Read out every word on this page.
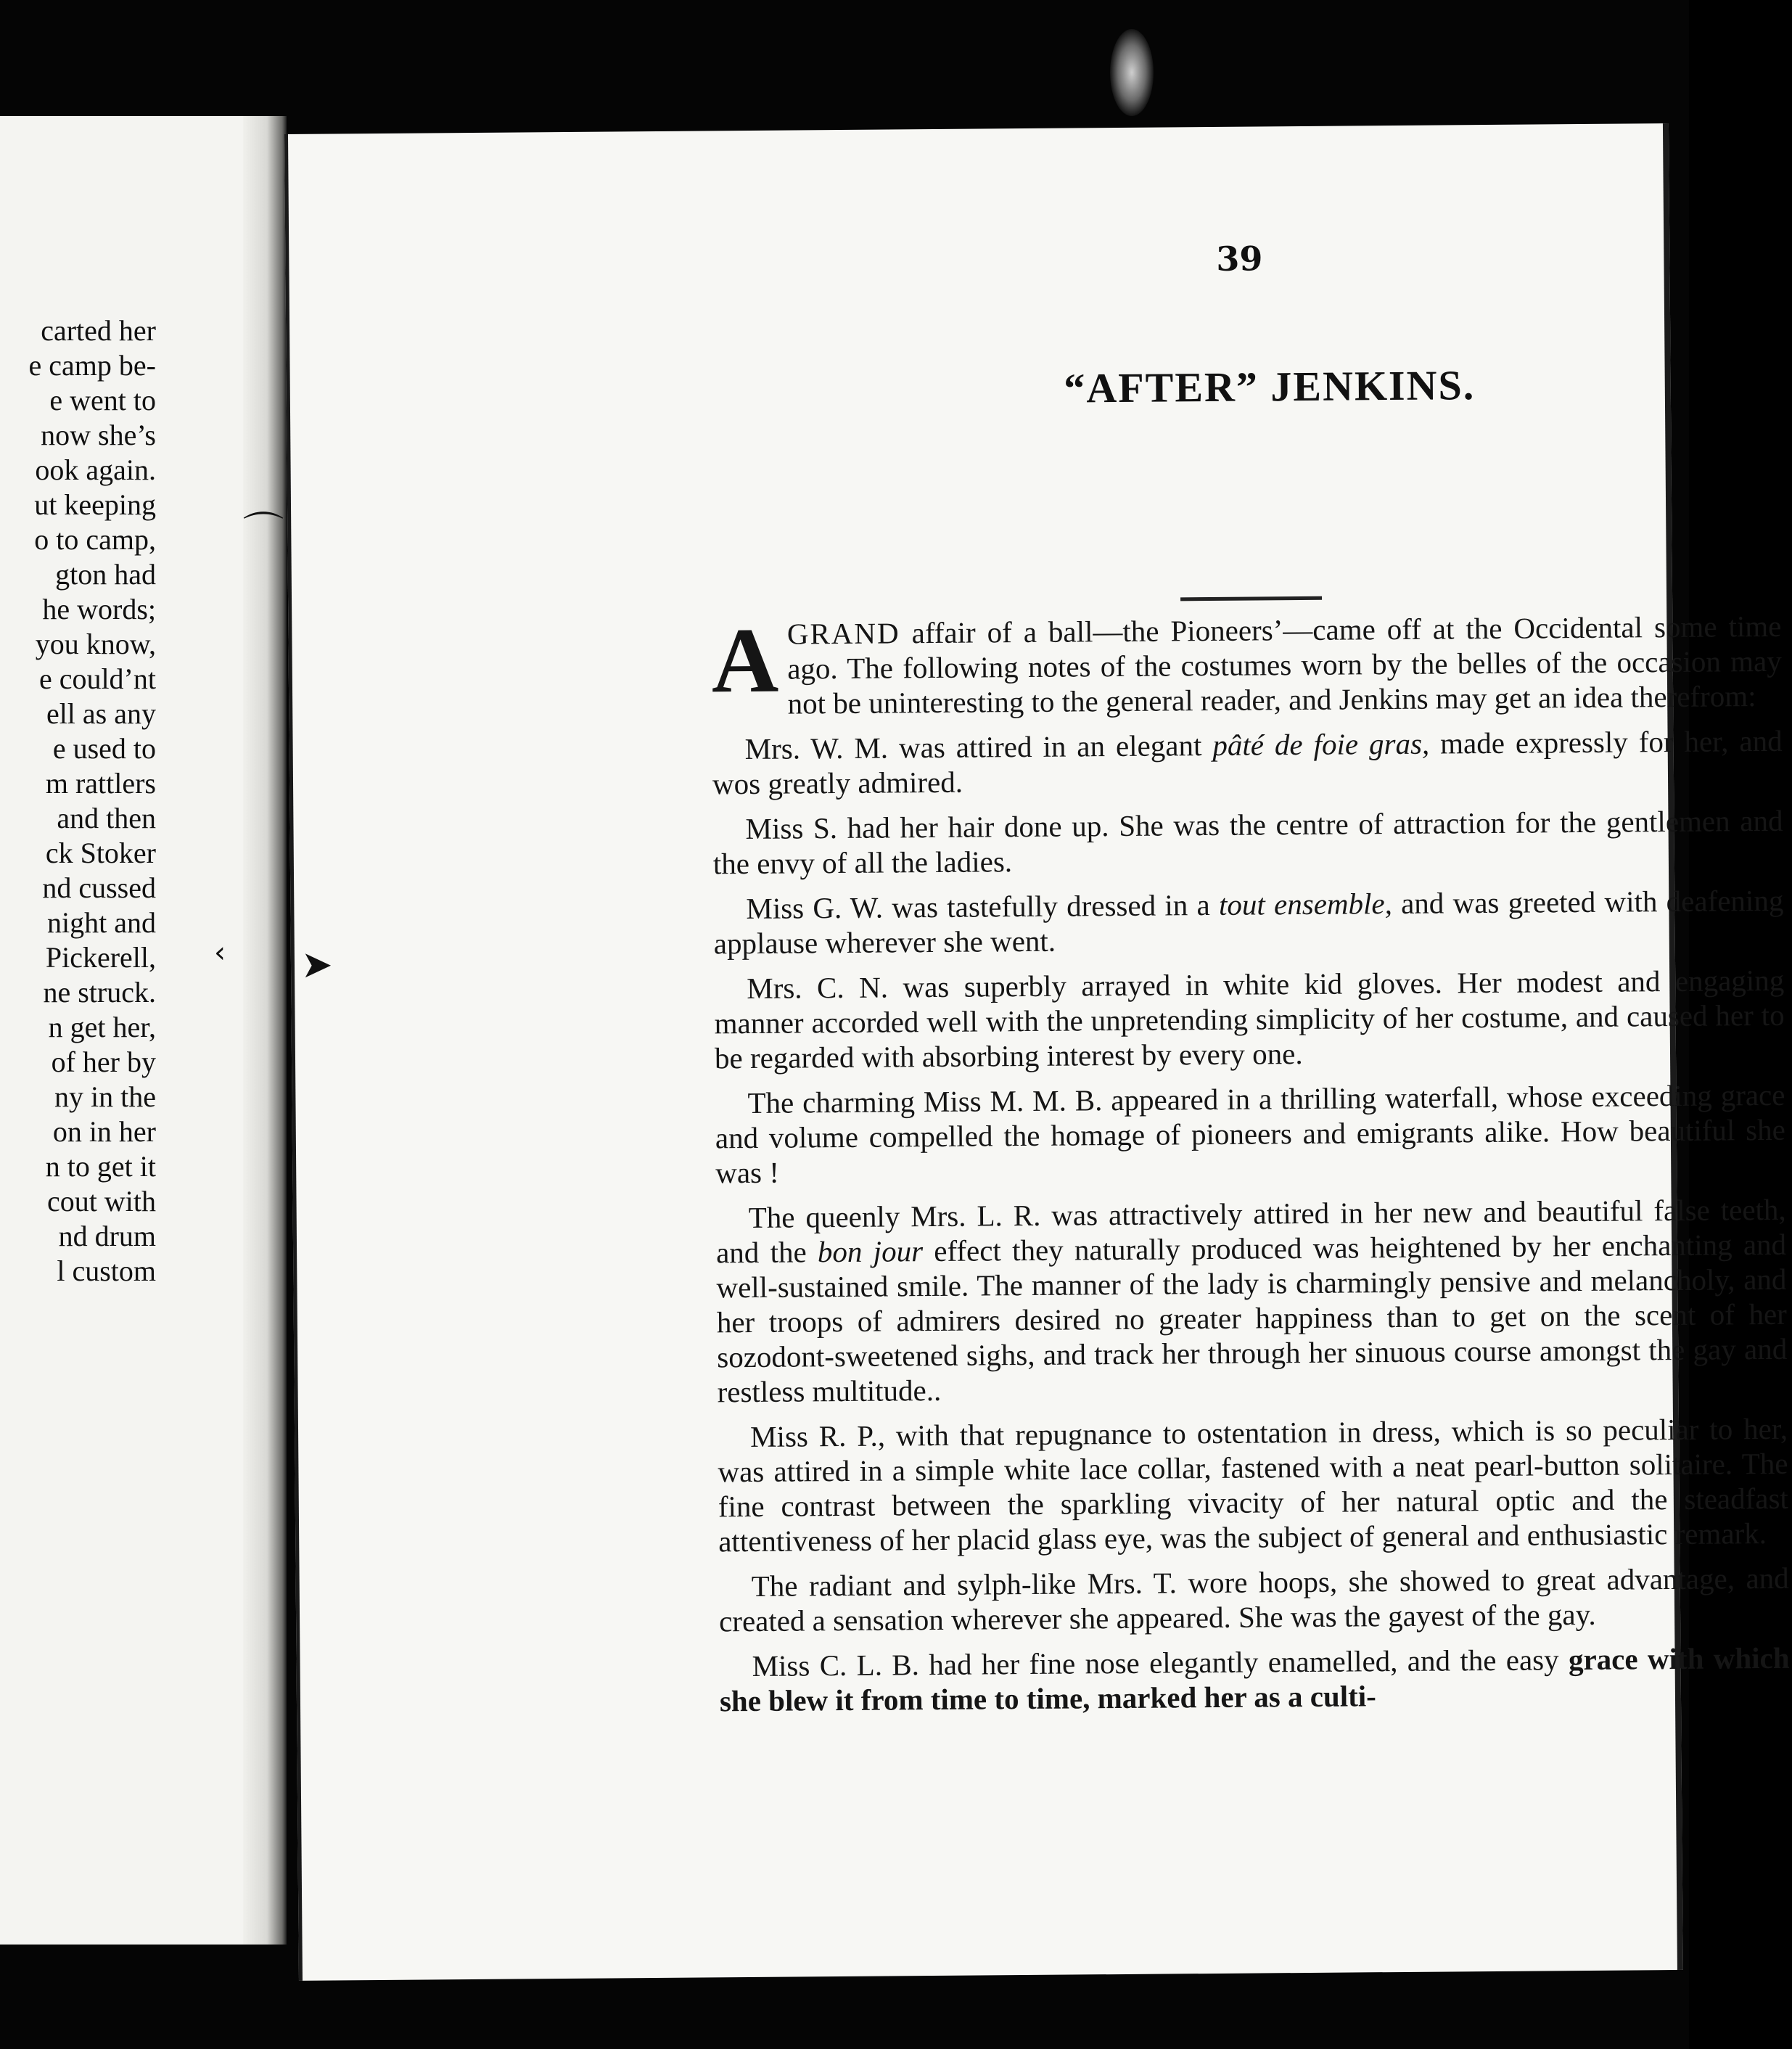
carted her
e camp be-
e went to
now she’s
ook again.
ut keeping
o to camp,
gton had
he words;
you know,
e could’nt
ell as any
e used to
m rattlers
and then
ck Stoker
nd cussed
night and
Pickerell,
ne struck.
n get her,
of her by
ny in the
on in her
n to get it
cout with
nd drum
l custom
39
“AFTER” JENKINS.

AGRAND affair of a ball—the Pioneers’—came off at the Occidental some time ago. The following notes of the costumes worn by the belles of the occasion may not be uninteresting to the general reader, and Jenkins may get an idea therefrom:

Mrs. W. M. was attired in an elegant pâté de foie gras, made expressly for her, and wos greatly admired.

Miss S. had her hair done up. She was the centre of attraction for the gentlemen and the envy of all the ladies.

Miss G. W. was tastefully dressed in a tout ensemble, and was greeted with deafening applause wherever she went.

Mrs. C. N. was superbly arrayed in white kid gloves. Her modest and engaging manner accorded well with the unpretending simplicity of her costume, and caused her to be regarded with absorbing interest by every one.

The charming Miss M. M. B. appeared in a thrilling waterfall, whose exceeding grace and volume compelled the homage of pioneers and emigrants alike. How beautiful she was !

The queenly Mrs. L. R. was attractively attired in her new and beautiful false teeth, and the bon jour effect they naturally produced was heightened by her enchanting and well-sustained smile. The manner of the lady is charmingly pensive and melancholy, and her troops of admirers desired no greater happiness than to get on the scent of her sozodont-sweetened sighs, and track her through her sinuous course amongst the gay and restless multitude..

Miss R. P., with that repugnance to ostentation in dress, which is so peculiar to her, was attired in a simple white lace collar, fastened with a neat pearl-button solitaire. The fine contrast between the sparkling vivacity of her natural optic and the steadfast attentiveness of her placid glass eye, was the subject of general and enthusiastic remark.

The radiant and sylph-like Mrs. T. wore hoops, she showed to great advantage, and created a sensation wherever she appeared. She was the gayest of the gay.

Miss C. L. B. had her fine nose elegantly enamelled, and the easy grace with which she blew it from time to time, marked her as a culti-

⌒
➤
‹
